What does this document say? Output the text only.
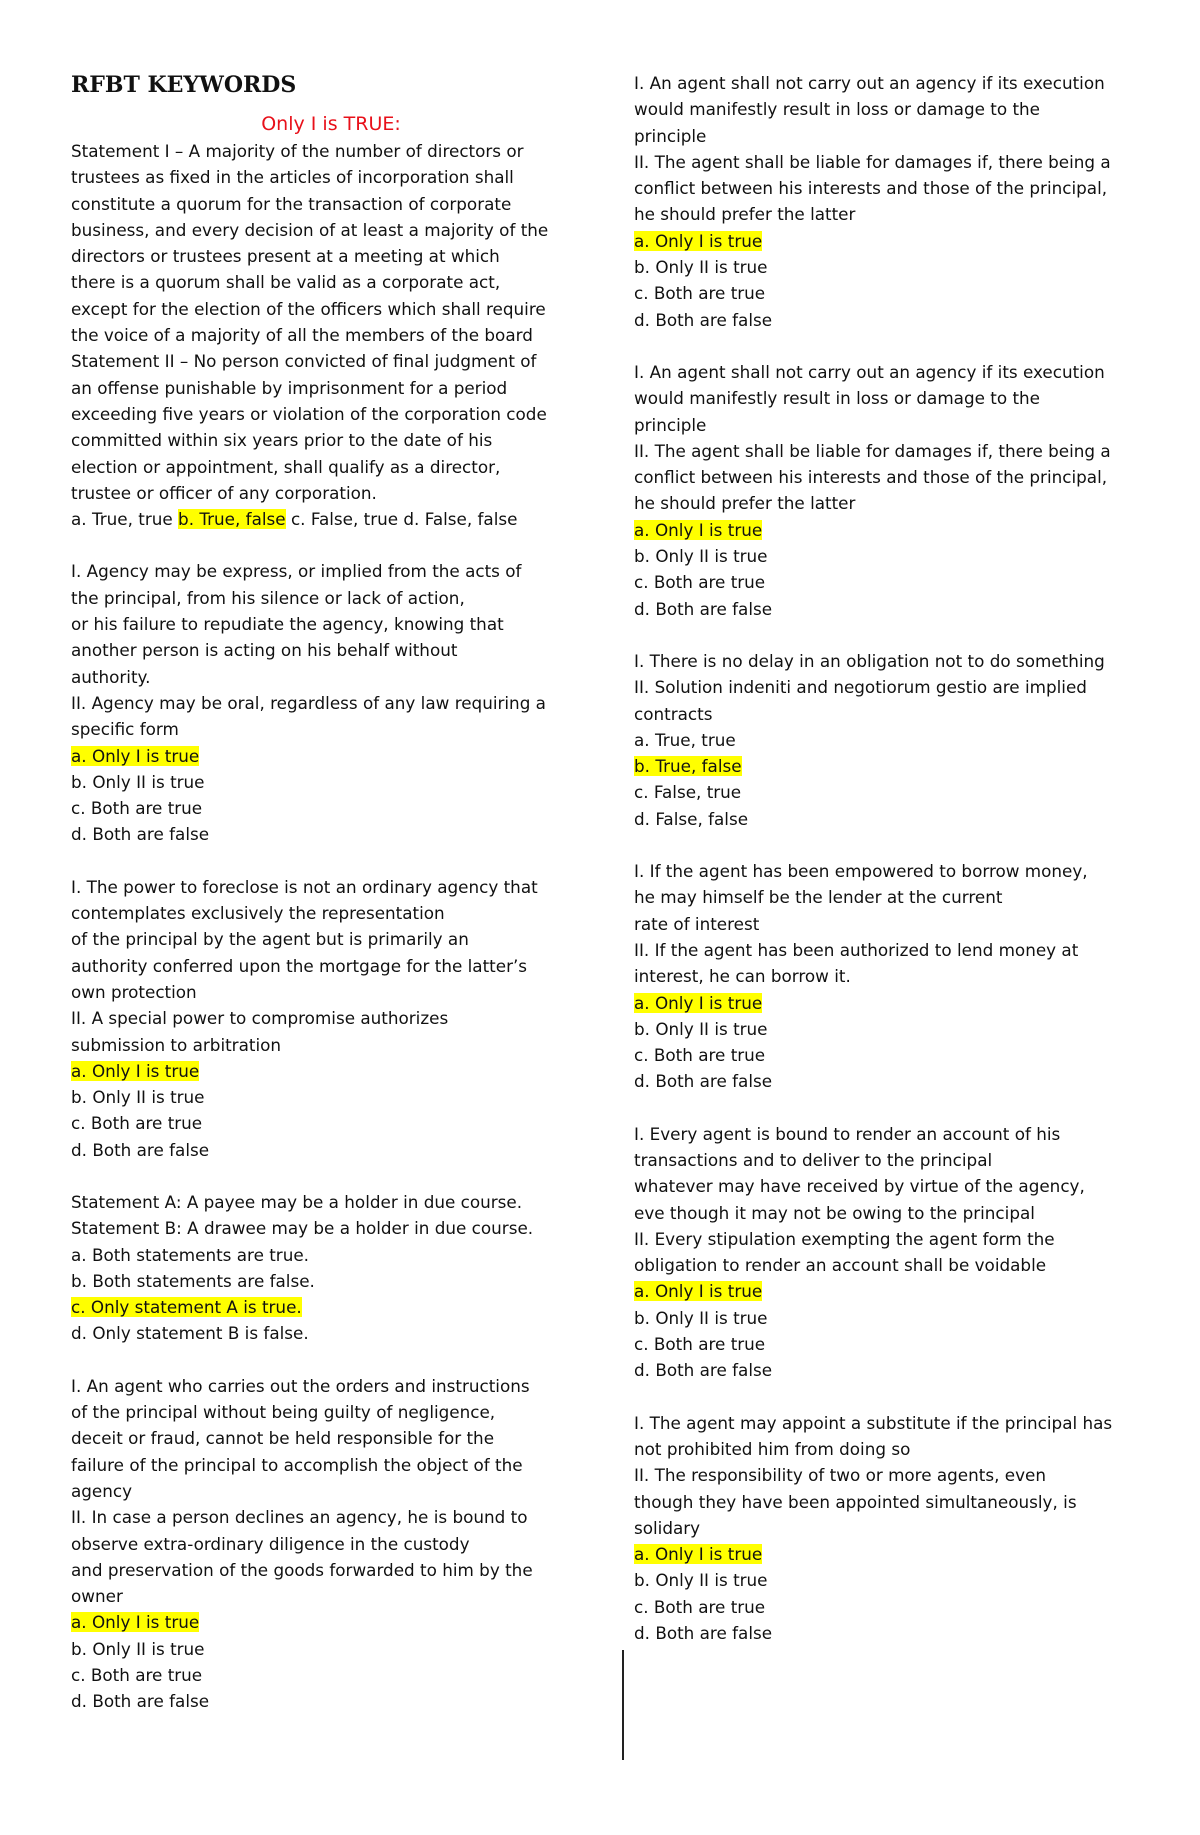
RFBT KEYWORDS
Only I is TRUE:
Statement I – A majority of the number of directors or
trustees as fixed in the articles of incorporation shall
constitute a quorum for the transaction of corporate
business, and every decision of at least a majority of the
directors or trustees present at a meeting at which
there is a quorum shall be valid as a corporate act,
except for the election of the officers which shall require
the voice of a majority of all the members of the board
Statement II – No person convicted of final judgment of
an offense punishable by imprisonment for a period
exceeding five years or violation of the corporation code
committed within six years prior to the date of his
election or appointment, shall qualify as a director,
trustee or officer of any corporation.
a. True, true b. True, false c. False, true d. False, false
I. Agency may be express, or implied from the acts of
the principal, from his silence or lack of action,
or his failure to repudiate the agency, knowing that
another person is acting on his behalf without
authority.
II. Agency may be oral, regardless of any law requiring a
specific form
a. Only I is true
b. Only II is true
c. Both are true
d. Both are false
I. The power to foreclose is not an ordinary agency that
contemplates exclusively the representation
of the principal by the agent but is primarily an
authority conferred upon the mortgage for the latter’s
own protection
II. A special power to compromise authorizes
submission to arbitration
a. Only I is true
b. Only II is true
c. Both are true
d. Both are false
Statement A: A payee may be a holder in due course.
Statement B: A drawee may be a holder in due course.
a. Both statements are true.
b. Both statements are false.
c. Only statement A is true.
d. Only statement B is false.
I. An agent who carries out the orders and instructions
of the principal without being guilty of negligence,
deceit or fraud, cannot be held responsible for the
failure of the principal to accomplish the object of the
agency
II. In case a person declines an agency, he is bound to
observe extra-ordinary diligence in the custody
and preservation of the goods forwarded to him by the
owner
a. Only I is true
b. Only II is true
c. Both are true
d. Both are false
I. An agent shall not carry out an agency if its execution
would manifestly result in loss or damage to the
principle
II. The agent shall be liable for damages if, there being a
conflict between his interests and those of the principal,
he should prefer the latter
a. Only I is true
b. Only II is true
c. Both are true
d. Both are false
I. An agent shall not carry out an agency if its execution
would manifestly result in loss or damage to the
principle
II. The agent shall be liable for damages if, there being a
conflict between his interests and those of the principal,
he should prefer the latter
a. Only I is true
b. Only II is true
c. Both are true
d. Both are false
I. There is no delay in an obligation not to do something
II. Solution indeniti and negotiorum gestio are implied
contracts
a. True, true
b. True, false
c. False, true
d. False, false
I. If the agent has been empowered to borrow money,
he may himself be the lender at the current
rate of interest
II. If the agent has been authorized to lend money at
interest, he can borrow it.
a. Only I is true
b. Only II is true
c. Both are true
d. Both are false
I. Every agent is bound to render an account of his
transactions and to deliver to the principal
whatever may have received by virtue of the agency,
eve though it may not be owing to the principal
II. Every stipulation exempting the agent form the
obligation to render an account shall be voidable
a. Only I is true
b. Only II is true
c. Both are true
d. Both are false
I. The agent may appoint a substitute if the principal has
not prohibited him from doing so
II. The responsibility of two or more agents, even
though they have been appointed simultaneously, is
solidary
a. Only I is true
b. Only II is true
c. Both are true
d. Both are false
